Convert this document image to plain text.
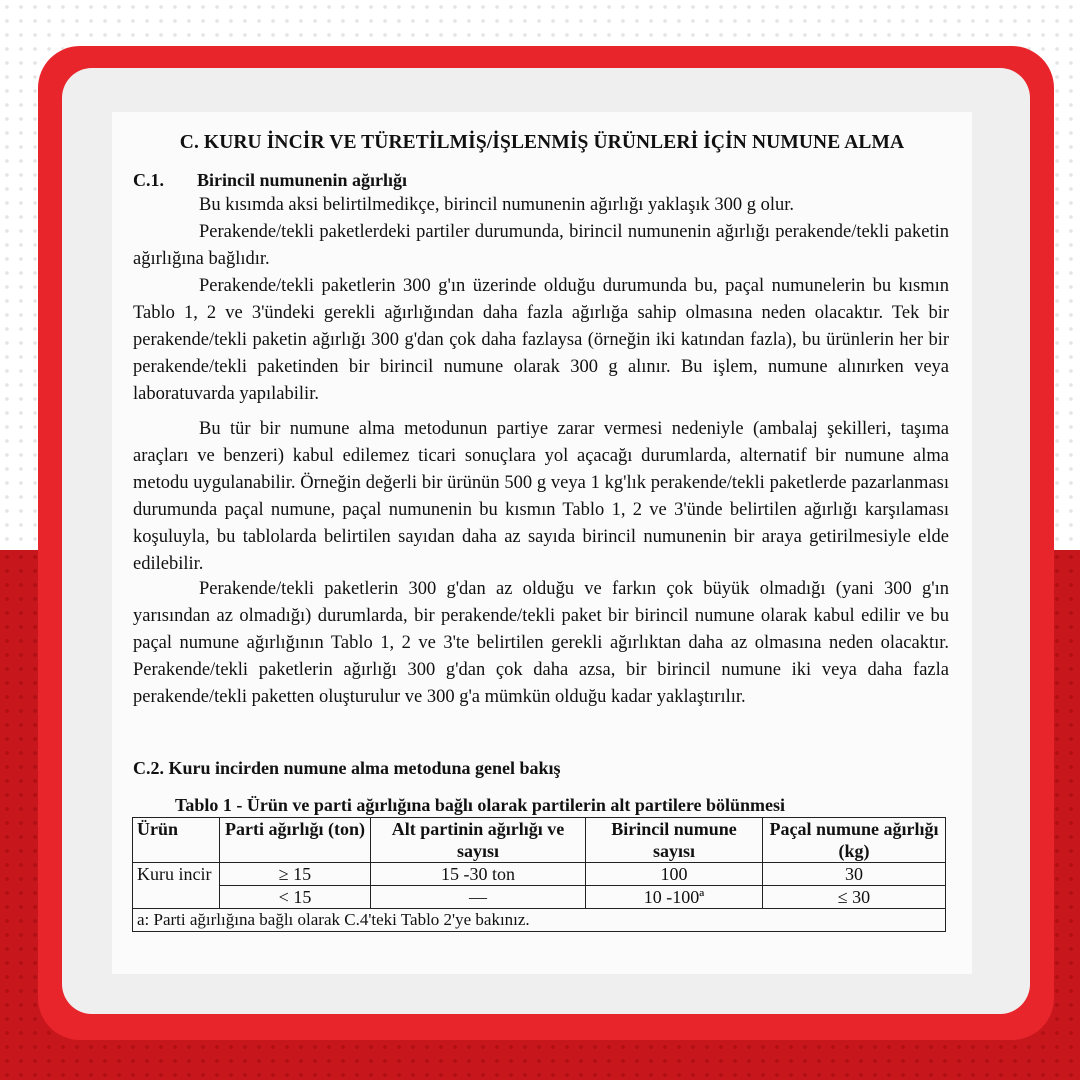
C. KURU İNCİR VE TÜRETİLMİŞ/İŞLENMİŞ ÜRÜNLERİ İÇİN NUMUNE ALMA
C.1. Birincil numunenin ağırlığı
Bu kısımda aksi belirtilmedikçe, birincil numunenin ağırlığı yaklaşık 300 g olur.
Perakende/tekli paketlerdeki partiler durumunda, birincil numunenin ağırlığı perakende/tekli paketin ağırlığına bağlıdır.
Perakende/tekli paketlerin 300 g'ın üzerinde olduğu durumunda bu, paçal numunelerin bu kısmın Tablo 1, 2 ve 3'ündeki gerekli ağırlığından daha fazla ağırlığa sahip olmasına neden olacaktır. Tek bir perakende/tekli paketin ağırlığı 300 g'dan çok daha fazlaysa (örneğin iki katından fazla), bu ürünlerin her bir perakende/tekli paketinden bir birincil numune olarak 300 g alınır. Bu işlem, numune alınırken veya laboratuvarda yapılabilir.
Bu tür bir numune alma metodunun partiye zarar vermesi nedeniyle (ambalaj şekilleri, taşıma araçları ve benzeri) kabul edilemez ticari sonuçlara yol açacağı durumlarda, alternatif bir numune alma metodu uygulanabilir. Örneğin değerli bir ürünün 500 g veya 1 kg'lık perakende/tekli paketlerde pazarlanması durumunda paçal numune, paçal numunenin bu kısmın Tablo 1, 2 ve 3'ünde belirtilen ağırlığı karşılaması koşuluyla, bu tablolarda belirtilen sayıdan daha az sayıda birincil numunenin bir araya getirilmesiyle elde edilebilir.
Perakende/tekli paketlerin 300 g'dan az olduğu ve farkın çok büyük olmadığı (yani 300 g'ın yarısından az olmadığı) durumlarda, bir perakende/tekli paket bir birincil numune olarak kabul edilir ve bu paçal numune ağırlığının Tablo 1, 2 ve 3'te belirtilen gerekli ağırlıktan daha az olmasına neden olacaktır. Perakende/tekli paketlerin ağırlığı 300 g'dan çok daha azsa, bir birincil numune iki veya daha fazla perakende/tekli paketten oluşturulur ve 300 g'a mümkün olduğu kadar yaklaştırılır.
C.2. Kuru incirden numune alma metoduna genel bakış
Tablo 1 - Ürün ve parti ağırlığına bağlı olarak partilerin alt partilere bölünmesi
Ürün	Parti ağırlığı (ton)	Alt partinin ağırlığı ve sayısı	Birincil numune sayısı	Paçal numune ağırlığı (kg)
Kuru incir	≥ 15	15 -30 ton	100	30
	< 15	—	10 -100ª	≤ 30
a: Parti ağırlığına bağlı olarak C.4'teki Tablo 2'ye bakınız.				
